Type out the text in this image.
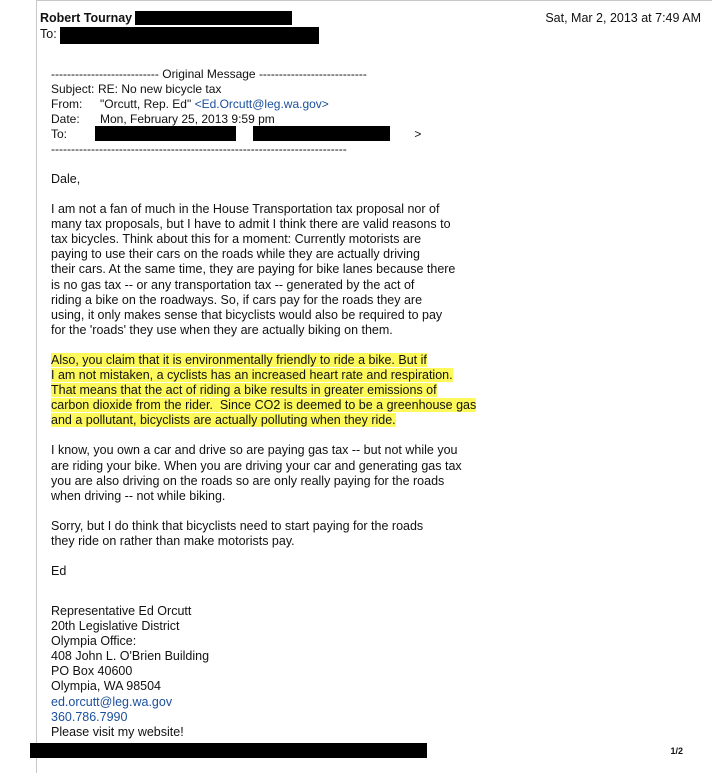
Robert Tournay
To:
Sat, Mar 2, 2013 at 7:49 AM
--------------------------- Original Message ---------------------------
Subject: RE: No new bicycle tax
From:	"Orcutt, Rep. Ed"
<Ed.Orcutt@leg.wa.gov>
Date:	Mon, February 25, 2013 9:59 pm
To:	>
--------------------------------------------------------------------------

Dale,

I am not a fan of much in the House Transportation tax proposal nor of
many tax proposals, but I have to admit I think there are valid reasons to
tax bicycles. Think about this for a moment: Currently motorists are
paying to use their cars on the roads while they are actually driving
their cars. At the same time, they are paying for bike lanes because there
is no gas tax -- or any transportation tax -- generated by the act of
riding a bike on the roadways. So, if cars pay for the roads they are
using, it only makes sense that bicyclists would also be required to pay
for the 'roads' they use when they are actually biking on them.

Also, you claim that it is environmentally friendly to ride a bike. But if
I am not mistaken, a cyclists has an increased heart rate and respiration.
That means that the act of riding a bike results in greater emissions of
carbon dioxide from the rider.  Since CO2 is deemed to be a greenhouse gas
and a pollutant, bicyclists are actually polluting when they ride.

I know, you own a car and drive so are paying gas tax -- but not while you
are riding your bike. When you are driving your car and generating gas tax
you are also driving on the roads so are only really paying for the roads
when driving -- not while biking.

Sorry, but I do think that bicyclists need to start paying for the roads
they ride on rather than make motorists pay.

Ed

Representative Ed Orcutt
20th Legislative District
Olympia Office:
408 John L. O'Brien Building
PO Box 40600
Olympia, WA 98504
ed.orcutt@leg.wa.gov
360.786.7990
Please visit my website!
1/2
